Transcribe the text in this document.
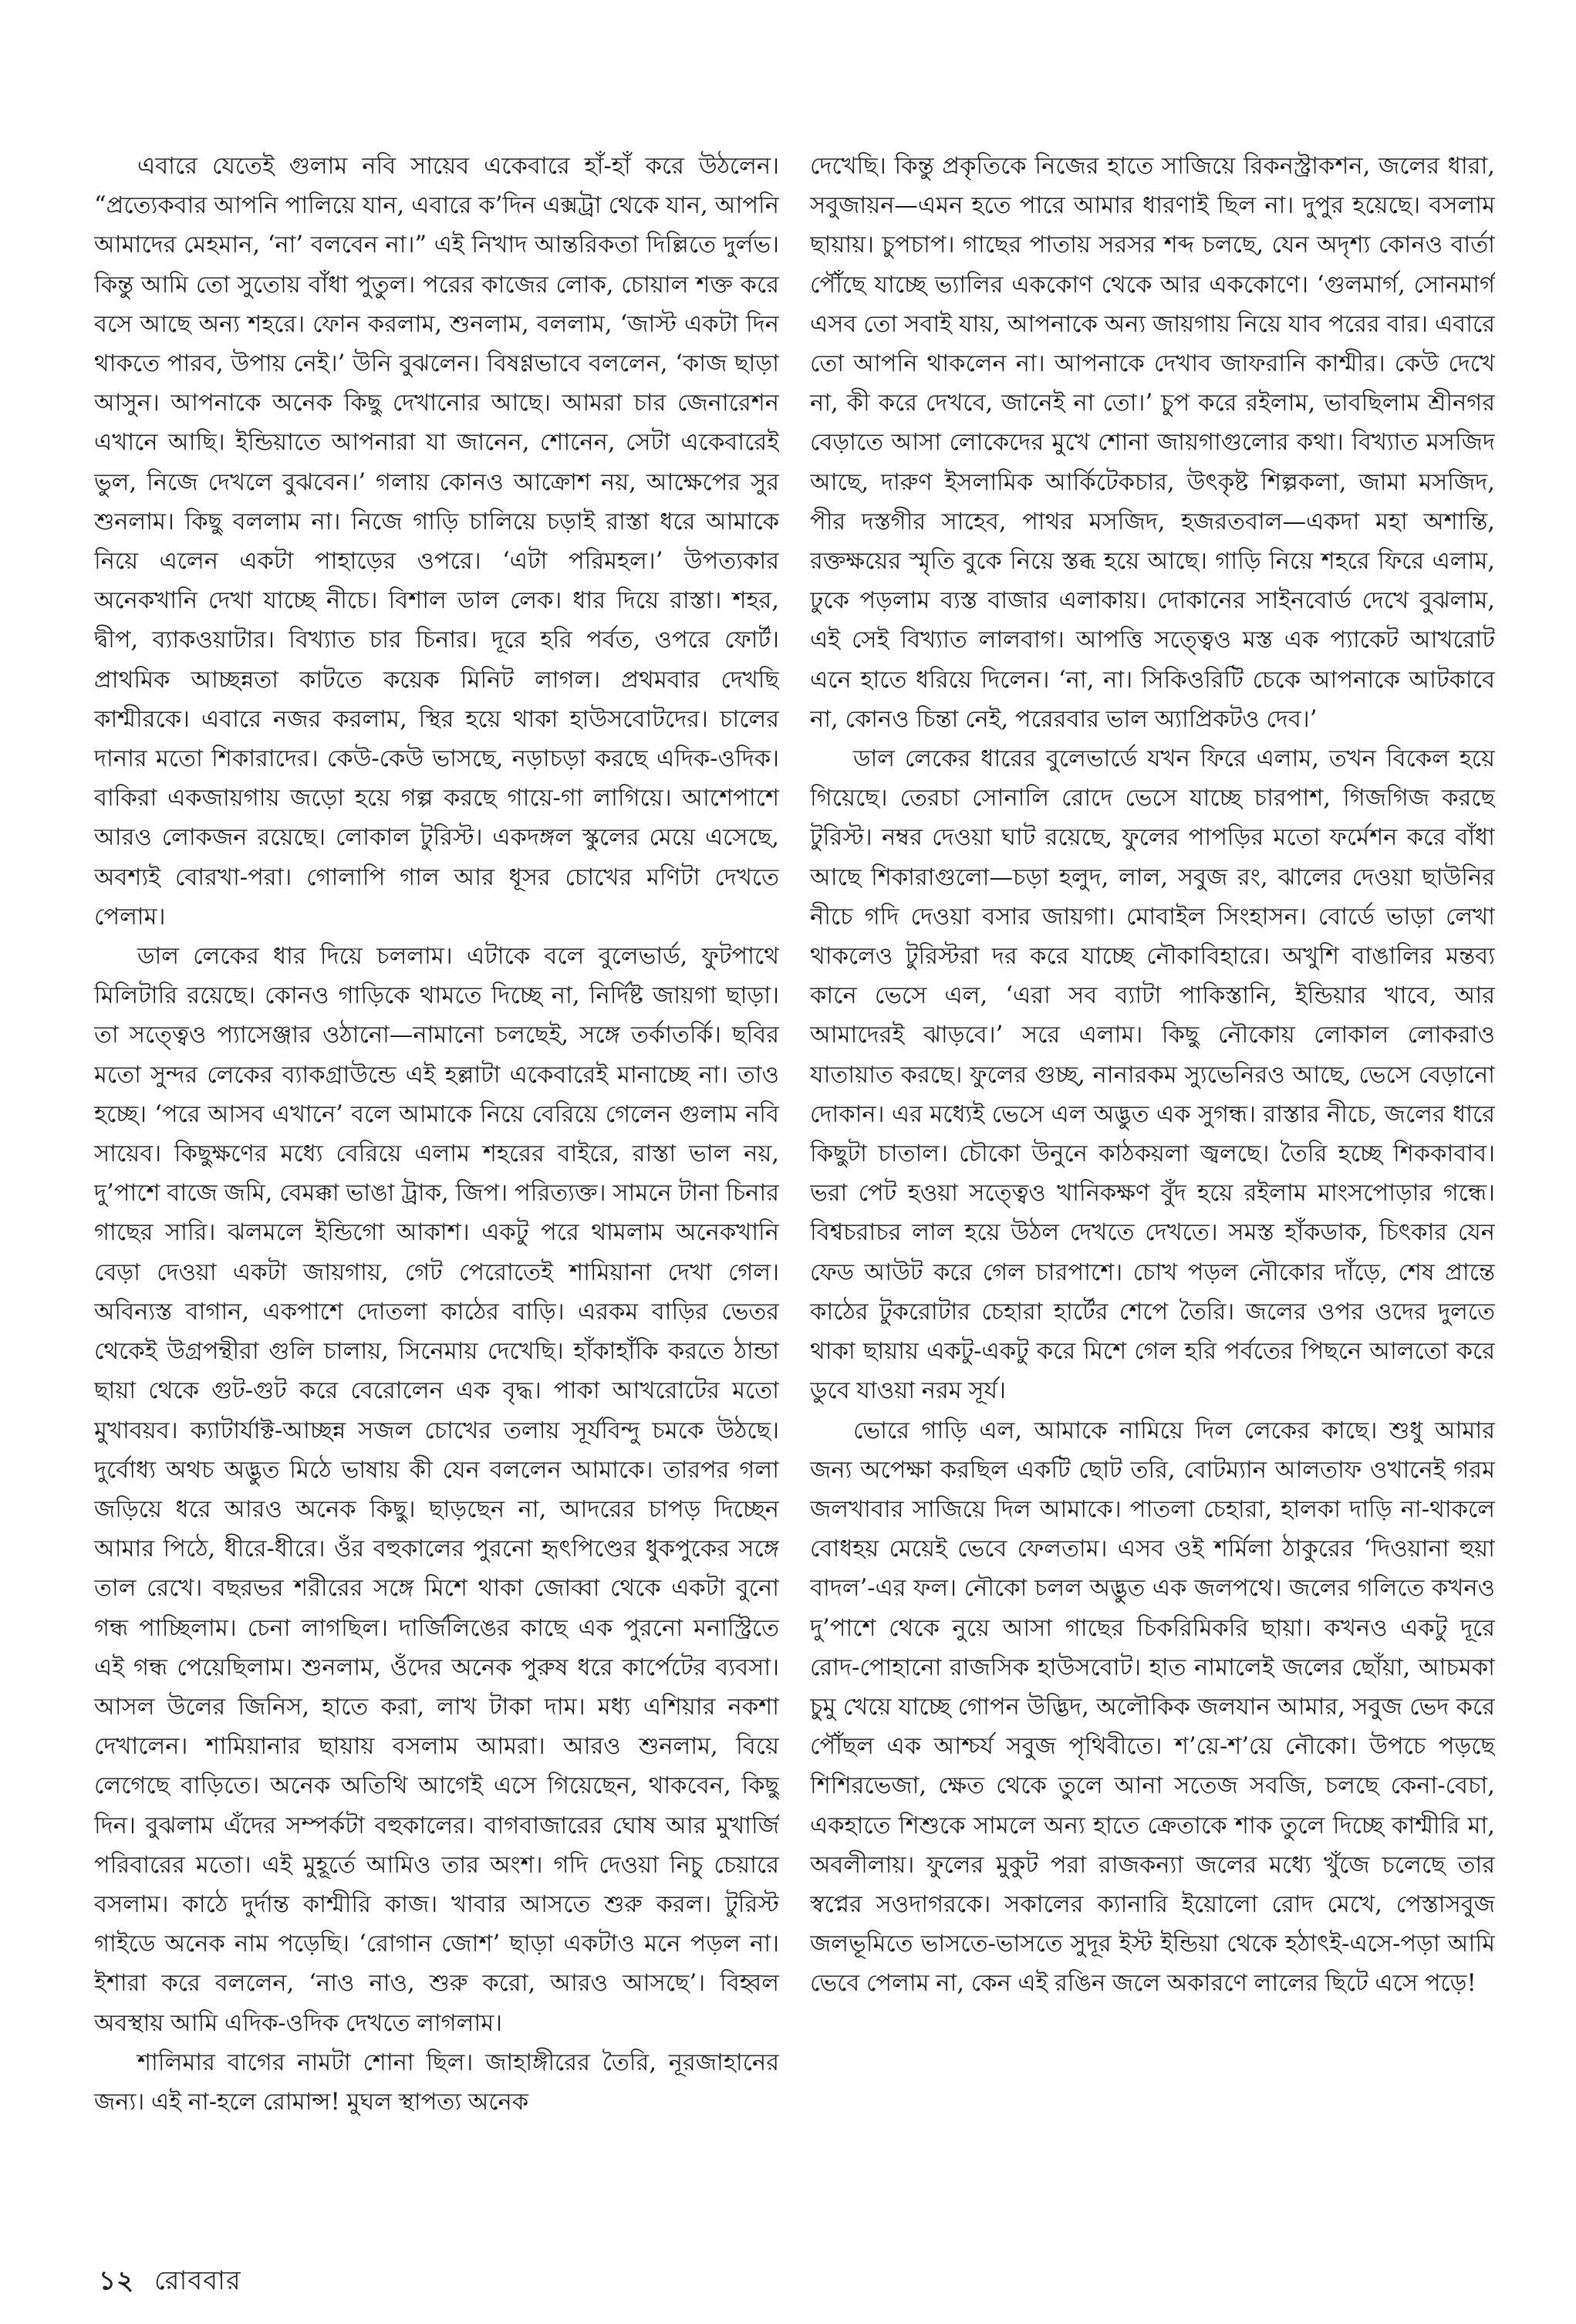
এবারে যেতেই গুলাম নবি সায়েব একেবারে হাঁ-হাঁ করে উঠলেন। “প্রত্যেকবার আপনি পালিয়ে যান, এবারে ক’দিন এক্সট্রা থেকে যান, আপনি আমাদের মেহমান, ‘না’ বলবেন না।” এই নিখাদ আন্তরিকতা দিল্লিতে দুর্লভ। কিন্তু আমি তো সুতোয় বাঁধা পুতুল। পরের কাজের লোক, চোয়াল শক্ত করে বসে আছে অন্য শহরে। ফোন করলাম, শুনলাম, বললাম, ‘জাস্ট একটা দিন থাকতে পারব, উপায় নেই।’ উনি বুঝলেন। বিষণ্ণভাবে বললেন, ‘কাজ ছাড়া আসুন। আপনাকে অনেক কিছু দেখানোর আছে। আমরা চার জেনারেশন এখানে আছি। ইন্ডিয়াতে আপনারা যা জানেন, শোনেন, সেটা একেবারেই ভুল, নিজে দেখলে বুঝবেন।’ গলায় কোনও আক্রোশ নয়, আক্ষেপের সুর শুনলাম। কিছু বললাম না। নিজে গাড়ি চালিয়ে চড়াই রাস্তা ধরে আমাকে নিয়ে এলেন একটা পাহাড়ের ওপরে। ‘এটা পরিমহল।’ উপত্যকার অনেকখানি দেখা যাচ্ছে নীচে। বিশাল ডাল লেক। ধার দিয়ে রাস্তা। শহর, দ্বীপ, ব্যাকওয়াটার। বিখ্যাত চার চিনার। দূরে হরি পর্বত, ওপরে ফোর্ট। প্রাথমিক আচ্ছন্নতা কাটতে কয়েক মিনিট লাগল। প্রথমবার দেখছি কাশ্মীরকে। এবারে নজর করলাম, স্থির হয়ে থাকা হাউসবোটদের। চালের দানার মতো শিকারাদের। কেউ-কেউ ভাসছে, নড়াচড়া করছে এদিক-ওদিক। বাকিরা একজায়গায় জড়ো হয়ে গল্প করছে গায়ে-গা লাগিয়ে। আশেপাশে আরও লোকজন রয়েছে। লোকাল টুরিস্ট। একদঙ্গল স্কুলের মেয়ে এসেছে, অবশ্যই বোরখা-পরা। গোলাপি গাল আর ধূসর চোখের মণিটা দেখতে পেলাম।

ডাল লেকের ধার দিয়ে চললাম। এটাকে বলে বুলেভার্ড, ফুটপাথে মিলিটারি রয়েছে। কোনও গাড়িকে থামতে দিচ্ছে না, নির্দিষ্ট জায়গা ছাড়া। তা সত্ত্বেও প্যাসেঞ্জার ওঠানো—নামানো চলছেই, সঙ্গে তর্কাতর্কি। ছবির মতো সুন্দর লেকের ব্যাকগ্রাউন্ডে এই হল্লাটা একেবারেই মানাচ্ছে না। তাও হচ্ছে। ‘পরে আসব এখানে’ বলে আমাকে নিয়ে বেরিয়ে গেলেন গুলাম নবি সায়েব। কিছুক্ষণের মধ্যে বেরিয়ে এলাম শহরের বাইরে, রাস্তা ভাল নয়, দু’পাশে বাজে জমি, বেমক্কা ভাঙা ট্রাক, জিপ। পরিত্যক্ত। সামনে টানা চিনার গাছের সারি। ঝলমলে ইন্ডিগো আকাশ। একটু পরে থামলাম অনেকখানি বেড়া দেওয়া একটা জায়গায়, গেট পেরোতেই শামিয়ানা দেখা গেল। অবিন্যস্ত বাগান, একপাশে দোতলা কাঠের বাড়ি। এরকম বাড়ির ভেতর থেকেই উগ্রপন্থীরা গুলি চালায়, সিনেমায় দেখেছি। হাঁকাহাঁকি করতে ঠান্ডা ছায়া থেকে গুট-গুট করে বেরোলেন এক বৃদ্ধ। পাকা আখরোটের মতো মুখাবয়ব। ক্যাটার্যাক্ট-আচ্ছন্ন সজল চোখের তলায় সূর্যবিন্দু চমকে উঠছে। দুর্বোধ্য অথচ অদ্ভুত মিঠে ভাষায় কী যেন বললেন আমাকে। তারপর গলা জড়িয়ে ধরে আরও অনেক কিছু। ছাড়ছেন না, আদরের চাপড় দিচ্ছেন আমার পিঠে, ধীরে-ধীরে। ওঁর বহুকালের পুরনো হৃৎপিণ্ডের ধুকপুকের সঙ্গে তাল রেখে। বছরভর শরীরের সঙ্গে মিশে থাকা জোব্বা থেকে একটা বুনো গন্ধ পাচ্ছিলাম। চেনা লাগছিল। দার্জিলিঙের কাছে এক পুরনো মনাস্ট্রিতে এই গন্ধ পেয়েছিলাম। শুনলাম, ওঁদের অনেক পুরুষ ধরে কার্পেটের ব্যবসা। আসল উলের জিনিস, হাতে করা, লাখ টাকা দাম। মধ্য এশিয়ার নকশা দেখালেন। শামিয়ানার ছায়ায় বসলাম আমরা। আরও শুনলাম, বিয়ে লেগেছে বাড়িতে। অনেক অতিথি আগেই এসে গিয়েছেন, থাকবেন, কিছু দিন। বুঝলাম এঁদের সম্পর্কটা বহুকালের। বাগবাজারের ঘোষ আর মুখার্জি পরিবারের মতো। এই মুহূর্তে আমিও তার অংশ। গদি দেওয়া নিচু চেয়ারে বসলাম। কাঠে দুর্দান্ত কাশ্মীরি কাজ। খাবার আসতে শুরু করল। টুরিস্ট গাইডে অনেক নাম পড়েছি। ‘রোগান জোশ’ ছাড়া একটাও মনে পড়ল না। ইশারা করে বললেন, ‘নাও নাও, শুরু করো, আরও আসছে’। বিহ্বল অবস্থায় আমি এদিক-ওদিক দেখতে লাগলাম।

শালিমার বাগের নামটা শোনা ছিল। জাহাঙ্গীরের তৈরি, নূরজাহানের জন্য। এই না-হলে রোমান্স! মুঘল স্থাপত্য অনেক

দেখেছি। কিন্তু প্রকৃতিকে নিজের হাতে সাজিয়ে রিকনস্ট্রাকশন, জলের ধারা, সবুজায়ন—এমন হতে পারে আমার ধারণাই ছিল না। দুপুর হয়েছে। বসলাম ছায়ায়। চুপচাপ। গাছের পাতায় সরসর শব্দ চলছে, যেন অদৃশ্য কোনও বার্তা পৌঁছে যাচ্ছে ভ্যালির এককোণ থেকে আর এককোণে। ‘গুলমার্গ, সোনমার্গ এসব তো সবাই যায়, আপনাকে অন্য জায়গায় নিয়ে যাব পরের বার। এবারে তো আপনি থাকলেন না। আপনাকে দেখাব জাফরানি কাশ্মীর। কেউ দেখে না, কী করে দেখবে, জানেই না তো।’ চুপ করে রইলাম, ভাবছিলাম শ্রীনগর বেড়াতে আসা লোকেদের মুখে শোনা জায়গাগুলোর কথা। বিখ্যাত মসজিদ আছে, দারুণ ইসলামিক আর্কিটেকচার, উৎকৃষ্ট শিল্পকলা, জামা মসজিদ, পীর দস্তগীর সাহেব, পাথর মসজিদ, হজরতবাল—একদা মহা অশান্তি, রক্তক্ষয়ের স্মৃতি বুকে নিয়ে স্তব্ধ হয়ে আছে। গাড়ি নিয়ে শহরে ফিরে এলাম, ঢুকে পড়লাম ব্যস্ত বাজার এলাকায়। দোকানের সাইনবোর্ড দেখে বুঝলাম, এই সেই বিখ্যাত লালবাগ। আপত্তি সত্ত্বেও মস্ত এক প্যাকেট আখরোট এনে হাতে ধরিয়ে দিলেন। ‘না, না। সিকিওরিটি চেকে আপনাকে আটকাবে না, কোনও চিন্তা নেই, পরেরবার ভাল অ্যাপ্রিকটও দেব।’

ডাল লেকের ধারের বুলেভার্ডে যখন ফিরে এলাম, তখন বিকেল হয়ে গিয়েছে। তেরচা সোনালি রোদে ভেসে যাচ্ছে চারপাশ, গিজগিজ করছে টুরিস্ট। নম্বর দেওয়া ঘাট রয়েছে, ফুলের পাপড়ির মতো ফর্মেশন করে বাঁধা আছে শিকারাগুলো—চড়া হলুদ, লাল, সবুজ রং, ঝালের দেওয়া ছাউনির নীচে গদি দেওয়া বসার জায়গা। মোবাইল সিংহাসন। বোর্ডে ভাড়া লেখা থাকলেও টুরিস্টরা দর করে যাচ্ছে নৌকাবিহারে। অখুশি বাঙালির মন্তব্য কানে ভেসে এল, ‘এরা সব ব্যাটা পাকিস্তানি, ইন্ডিয়ার খাবে, আর আমাদেরই ঝাড়বে।’ সরে এলাম। কিছু নৌকোয় লোকাল লোকরাও যাতায়াত করছে। ফুলের গুচ্ছ, নানারকম স্যুভেনিরও আছে, ভেসে বেড়ানো দোকান। এর মধ্যেই ভেসে এল অদ্ভুত এক সুগন্ধ। রাস্তার নীচে, জলের ধারে কিছুটা চাতাল। চৌকো উনুনে কাঠকয়লা জ্বলছে। তৈরি হচ্ছে শিককাবাব। ভরা পেট হওয়া সত্ত্বেও খানিকক্ষণ বুঁদ হয়ে রইলাম মাংসপোড়ার গন্ধে। বিশ্বচরাচর লাল হয়ে উঠল দেখতে দেখতে। সমস্ত হাঁকডাক, চিৎকার যেন ফেড আউট করে গেল চারপাশে। চোখ পড়ল নৌকোর দাঁড়ে, শেষ প্রান্তে কাঠের টুকরোটার চেহারা হার্টের শেপে তৈরি। জলের ওপর ওদের দুলতে থাকা ছায়ায় একটু-একটু করে মিশে গেল হরি পর্বতের পিছনে আলতো করে ডুবে যাওয়া নরম সূর্য।

ভোরে গাড়ি এল, আমাকে নামিয়ে দিল লেকের কাছে। শুধু আমার জন্য অপেক্ষা করছিল একটি ছোট তরি, বোটম্যান আলতাফ ওখানেই গরম জলখাবার সাজিয়ে দিল আমাকে। পাতলা চেহারা, হালকা দাড়ি না-থাকলে বোধহয় মেয়েই ভেবে ফেলতাম। এসব ওই শর্মিলা ঠাকুরের ‘দিওয়ানা হুয়া বাদল’-এর ফল। নৌকো চলল অদ্ভুত এক জলপথে। জলের গলিতে কখনও দু’পাশে থেকে নুয়ে আসা গাছের চিকরিমিকরি ছায়া। কখনও একটু দূরে রোদ-পোহানো রাজসিক হাউসবোট। হাত নামালেই জলের ছোঁয়া, আচমকা চুমু খেয়ে যাচ্ছে গোপন উদ্ভিদ, অলৌকিক জলযান আমার, সবুজ ভেদ করে পৌঁছল এক আশ্চর্য সবুজ পৃথিবীতে। শ’য়ে-শ’য়ে নৌকো। উপচে পড়ছে শিশিরভেজা, ক্ষেত থেকে তুলে আনা সতেজ সবজি, চলছে কেনা-বেচা, একহাতে শিশুকে সামলে অন্য হাতে ক্রেতাকে শাক তুলে দিচ্ছে কাশ্মীরি মা, অবলীলায়। ফুলের মুকুট পরা রাজকন্যা জলের মধ্যে খুঁজে চলেছে তার স্বপ্নের সওদাগরকে। সকালের ক্যানারি ইয়োলো রোদ মেখে, পেস্তাসবুজ জলভূমিতে ভাসতে-ভাসতে সুদূর ইস্ট ইন্ডিয়া থেকে হঠাৎই-এসে-পড়া আমি ভেবে পেলাম না, কেন এই রঙিন জলে অকারণে লালের ছিটে এসে পড়ে!

১২ রোববার
